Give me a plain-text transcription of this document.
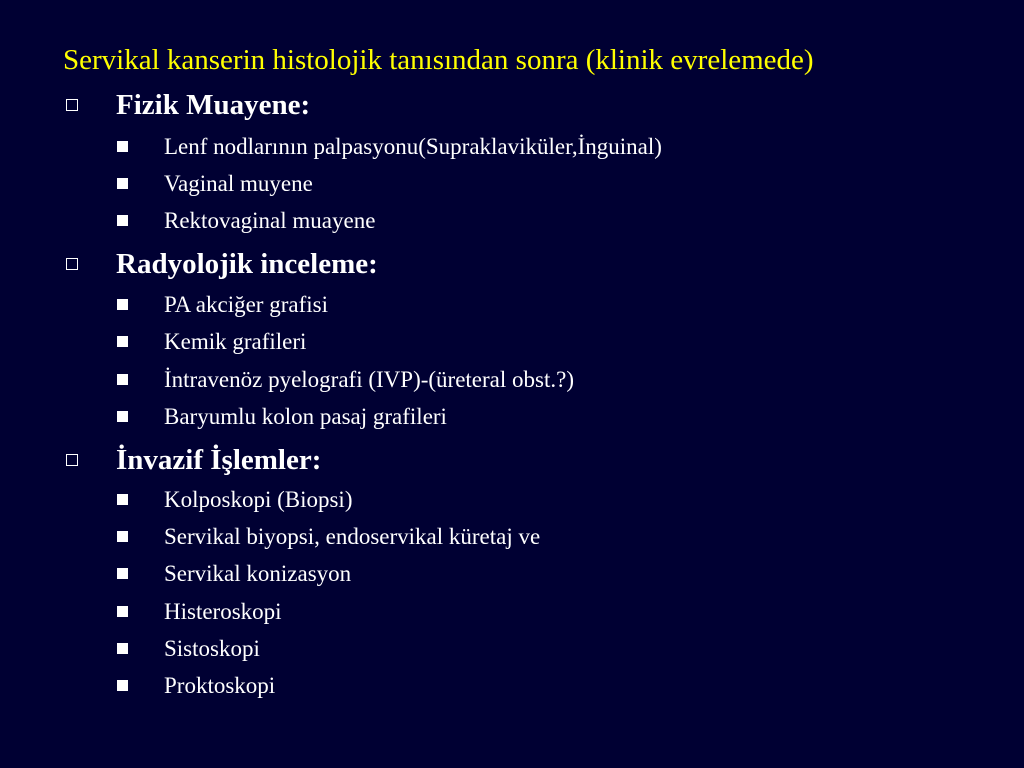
Servikal kanserin histolojik tanısından sonra (klinik evrelemede)
Fizik Muayene:
Lenf nodlarının palpasyonu(Supraklaviküler,İnguinal)
Vaginal muyene
Rektovaginal muayene
Radyolojik inceleme:
PA akciğer grafisi
Kemik grafileri
İntravenöz pyelografi (IVP)-(üreteral obst.?)
Baryumlu kolon pasaj grafileri
İnvazif İşlemler:
Kolposkopi (Biopsi)
Servikal biyopsi, endoservikal küretaj ve
Servikal konizasyon
Histeroskopi
Sistoskopi
Proktoskopi
